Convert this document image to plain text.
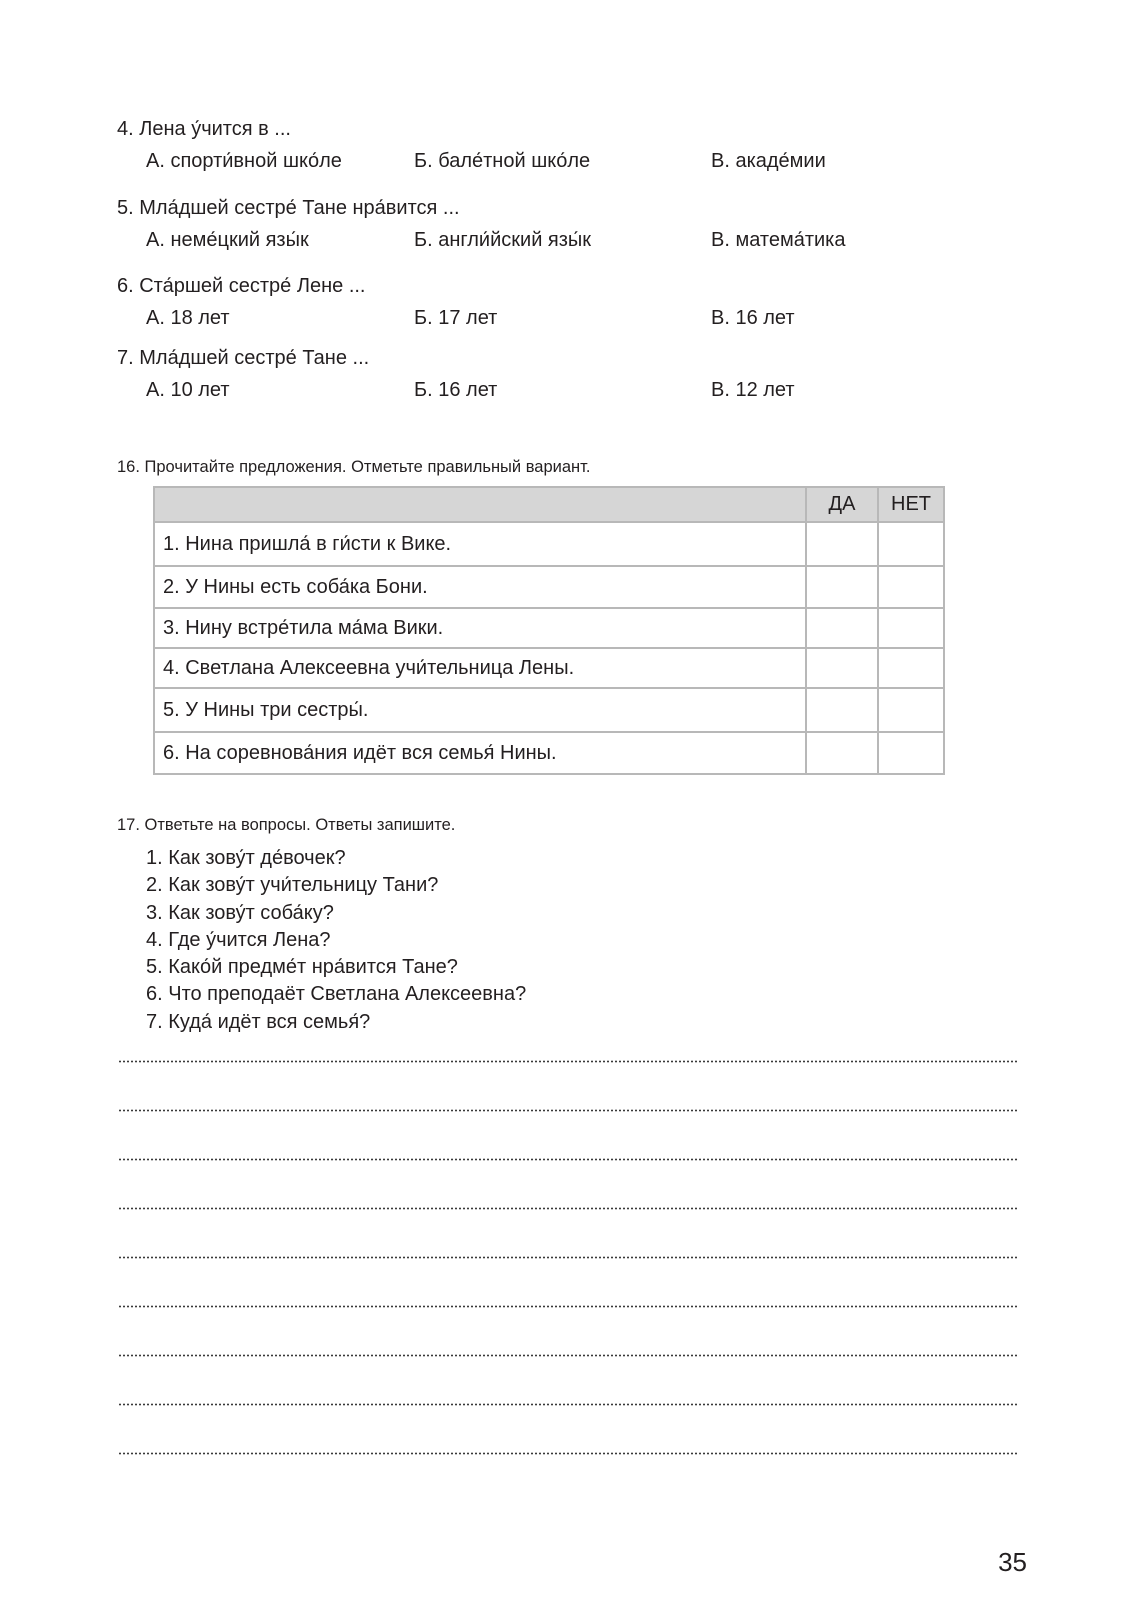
4. Лена у́чится в ...
А. спорти́вной шко́ле	Б. бале́тной шко́ле	В. акаде́мии
5. Мла́дшей сестре́ Тане нра́вится ...
А. неме́цкий язы́к	Б. англи́йский язы́к	В. матема́тика
6. Ста́ршей сестре́ Лене ...
А. 18 лет	Б. 17 лет	В. 16 лет
7. Мла́дшей сестре́ Тане ...
А. 10 лет	Б. 16 лет	В. 12 лет
16. Прочитайте предложения. Отметьте правильный вариант.
	ДА	НЕТ
1. Нина пришла́ в ги́сти к Вике.		
2. У Нины есть соба́ка Бони.		
3. Нину встре́тила ма́ма Вики.		
4. Светлана Алексеевна учи́тельница Лены.		
5. У Нины три сестры́.		
6. На соревнова́ния идёт вся семья́ Нины.		
17. Ответьте на вопросы. Ответы запишите.
1. Как зову́т де́вочек?
2. Как зову́т учи́тельницу Тани?
3. Как зову́т соба́ку?
4. Где у́чится Лена?
5. Како́й предме́т нра́вится Тане?
6. Что преподаёт Светлана Алексеевна?
7. Куда́ идёт вся семья́?
35
